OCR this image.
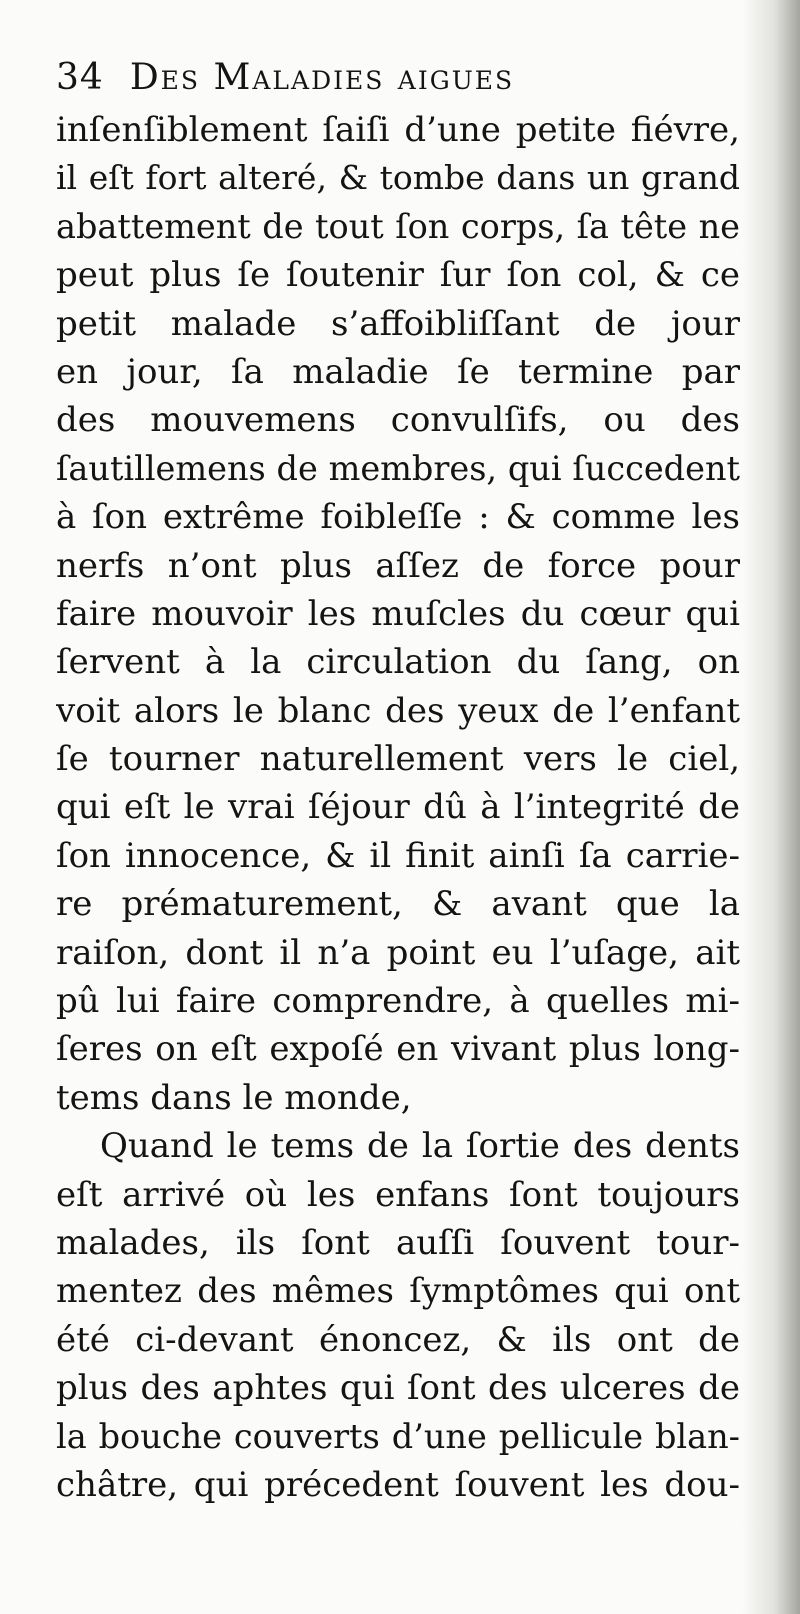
34 Des Maladies aigues
inſenſiblement ſaiſi d’une petite fiévre,
il eſt fort alteré, & tombe dans un grand
abattement de tout ſon corps, ſa tête ne
peut plus ſe ſoutenir ſur ſon col, & ce
petit malade s’affoibliſſant de jour
en jour, ſa maladie ſe termine par
des mouvemens convulſifs, ou des
ſautillemens de membres, qui ſuccedent
à ſon extrême foibleſſe : & comme les
nerfs n’ont plus aſſez de force pour
faire mouvoir les muſcles du cœur qui
ſervent à la circulation du ſang, on
voit alors le blanc des yeux de l’enfant
ſe tourner naturellement vers le ciel,
qui eſt le vrai ſéjour dû à l’integrité de
ſon innocence, & il finit ainſi ſa carrie-
re prématurement, & avant que la
raiſon, dont il n’a point eu l’uſage, ait
pû lui faire comprendre, à quelles mi-
ſeres on eſt expoſé en vivant plus long-
tems dans le monde,
Quand le tems de la ſortie des dents
eſt arrivé où les enfans ſont toujours
malades, ils ſont auſſi ſouvent tour-
mentez des mêmes ſymptômes qui ont
été ci-devant énoncez, & ils ont de
plus des aphtes qui ſont des ulceres de
la bouche couverts d’une pellicule blan-
châtre, qui précedent ſouvent les dou-
